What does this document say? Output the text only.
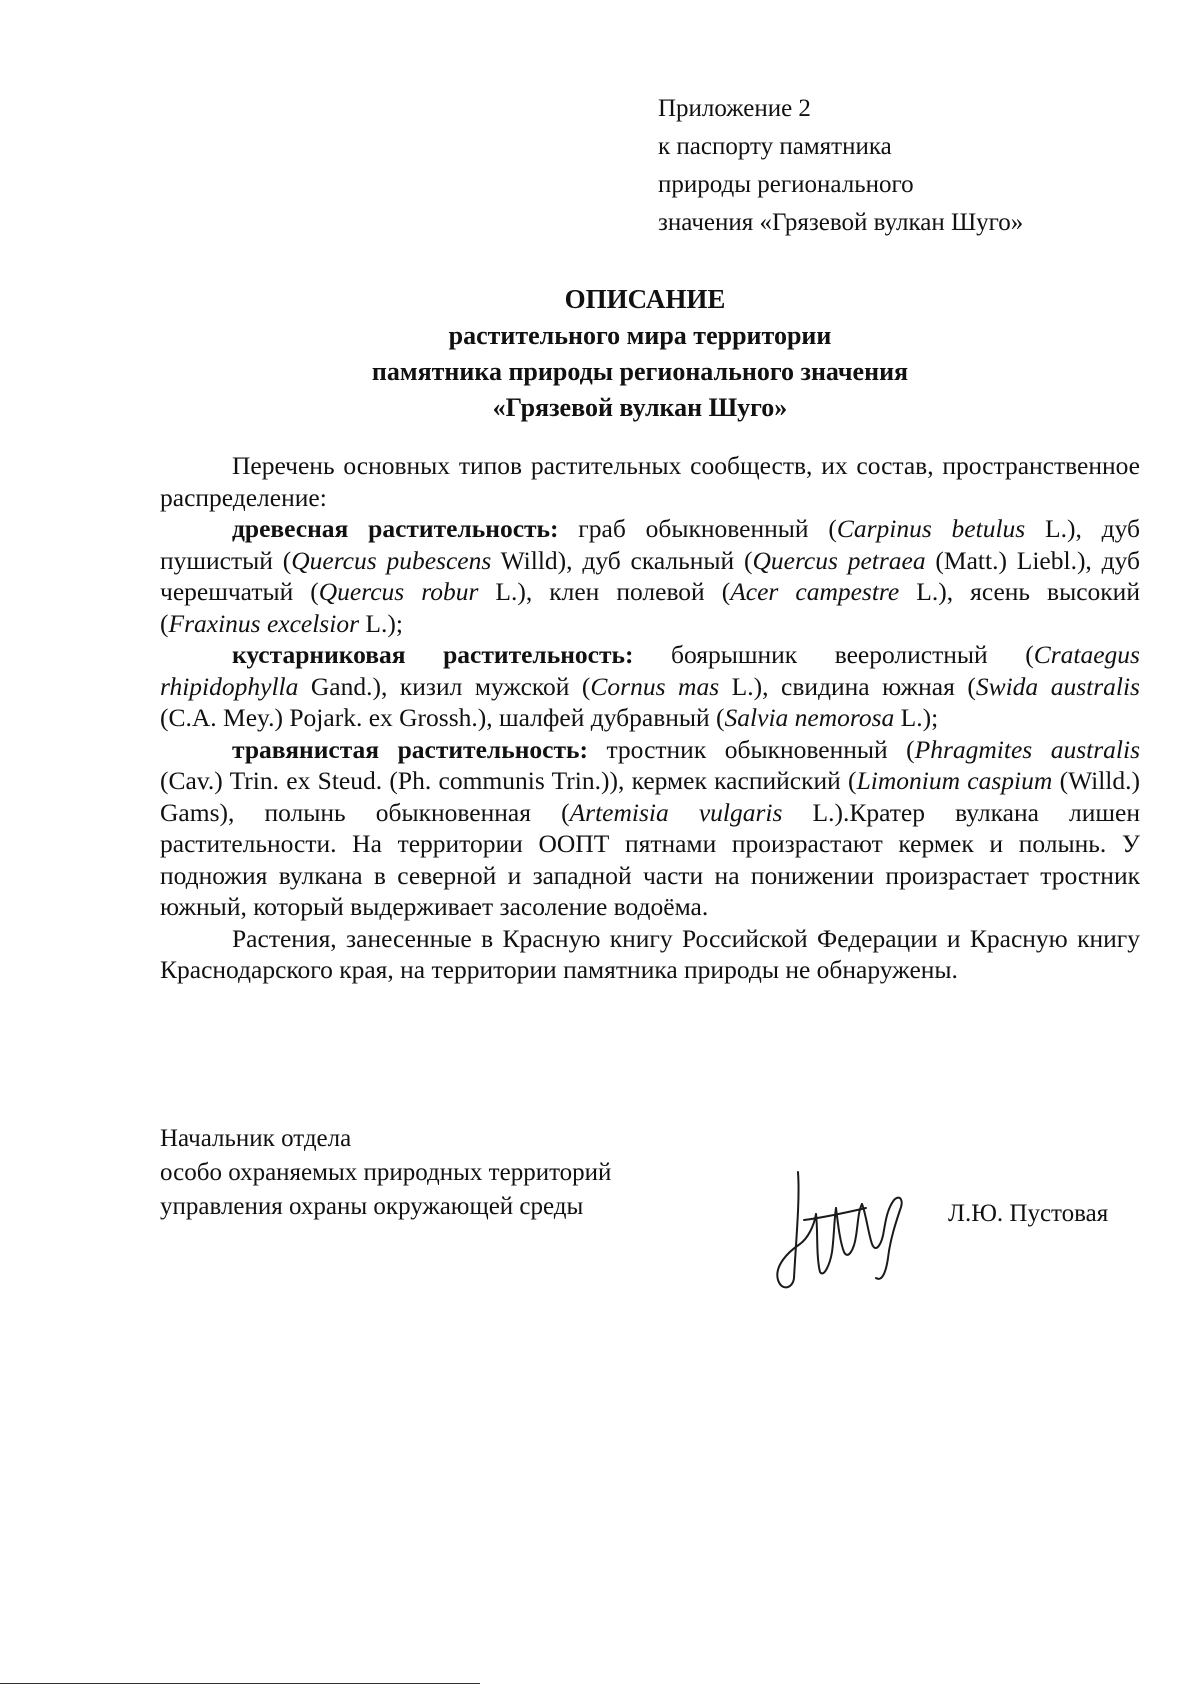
Приложение 2
к паспорту памятника
природы регионального
значения «Грязевой вулкан Шуго»
ОПИСАНИЕ
растительного мира территории
памятника природы регионального значения
«Грязевой вулкан Шуго»

Перечень основных типов растительных сообществ, их состав, пространственное распределение:

древесная растительность: граб обыкновенный (Carpinus betulus L.), дуб пушистый (Quercus pubescens Willd), дуб скальный (Quercus petraea (Matt.) Liebl.), дуб черешчатый (Quercus robur L.), клен полевой (Acer campestre L.), ясень высокий (Fraxinus excelsior L.);

кустарниковая растительность: боярышник вееролистный (Crataegus rhipidophylla Gand.), кизил мужской (Cornus mas L.), свидина южная (Swida australis (C.A. Mey.) Pojark. ex Grossh.), шалфей дубравный (Salvia nemorosa L.);

травянистая растительность: тростник обыкновенный (Phragmites australis (Cav.) Trin. ex Steud. (Ph. communis Trin.)), кермек каспийский (Limonium caspium (Willd.) Gams), полынь обыкновенная (Artemisia vulgaris L.).Кратер вулкана лишен растительности. На территории ООПТ пятнами произрастают кермек и полынь. У подножия вулкана в северной и западной части на понижении произрастает тростник южный, который выдерживает засоление водоёма.

Растения, занесенные в Красную книгу Российской Федерации и Красную книгу Краснодарского края, на территории памятника природы не обнаружены.

Начальник отдела
особо охраняемых природных территорий
управления охраны окружающей среды	Л.Ю. Пустовая
